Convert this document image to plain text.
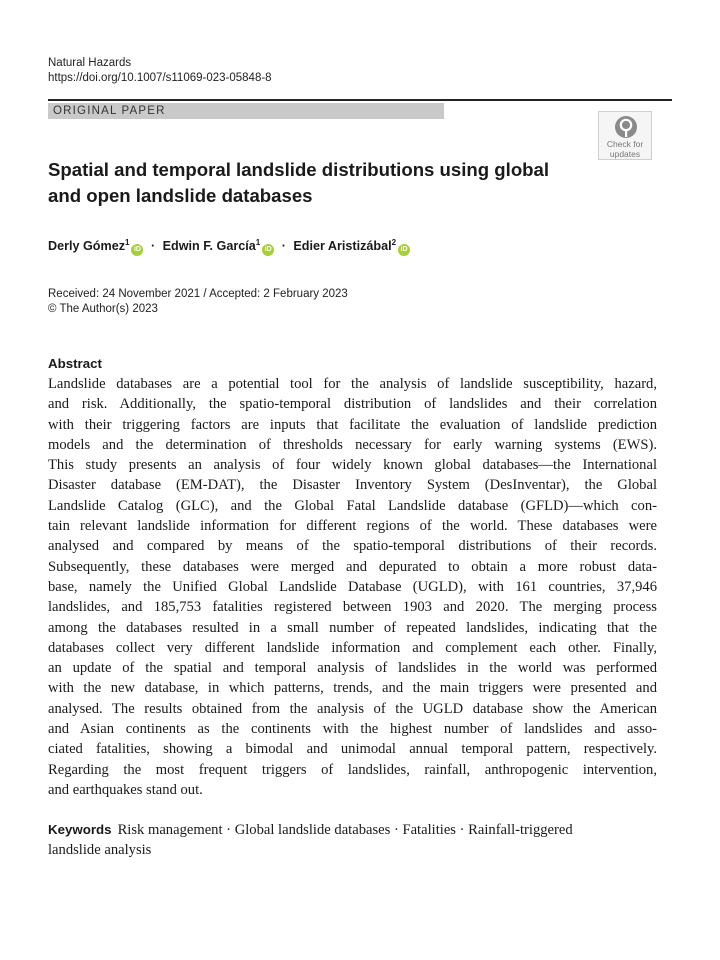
Natural Hazards
https://doi.org/10.1007/s11069-023-05848-8
ORIGINAL PAPER
Check for
updates
Spatial and temporal landslide distributions using global
and open landslide databases
Derly Gómez$^1$iD · Edwin F. García$^1$iD · Edier Aristizábal$^2$iD
Received: 24 November 2021 / Accepted: 2 February 2023
© The Author(s) 2023
Abstract
Landslide databases are a potential tool for the analysis of landslide susceptibility, hazard,
and risk. Additionally, the spatio-temporal distribution of landslides and their correlation
with their triggering factors are inputs that facilitate the evaluation of landslide prediction
models and the determination of thresholds necessary for early warning systems (EWS).
This study presents an analysis of four widely known global databases—the International
Disaster database (EM-DAT), the Disaster Inventory System (DesInventar), the Global
Landslide Catalog (GLC), and the Global Fatal Landslide database (GFLD)—which con-
tain relevant landslide information for different regions of the world. These databases were
analysed and compared by means of the spatio-temporal distributions of their records.
Subsequently, these databases were merged and depurated to obtain a more robust data-
base, namely the Unified Global Landslide Database (UGLD), with 161 countries, 37,946
landslides, and 185,753 fatalities registered between 1903 and 2020. The merging process
among the databases resulted in a small number of repeated landslides, indicating that the
databases collect very different landslide information and complement each other. Finally,
an update of the spatial and temporal analysis of landslides in the world was performed
with the new database, in which patterns, trends, and the main triggers were presented and
analysed. The results obtained from the analysis of the UGLD database show the American
and Asian continents as the continents with the highest number of landslides and asso-
ciated fatalities, showing a bimodal and unimodal annual temporal pattern, respectively.
Regarding the most frequent triggers of landslides, rainfall, anthropogenic intervention,
and earthquakes stand out.
Keywords Risk management · Global landslide databases · Fatalities · Rainfall-triggered
landslide analysis
